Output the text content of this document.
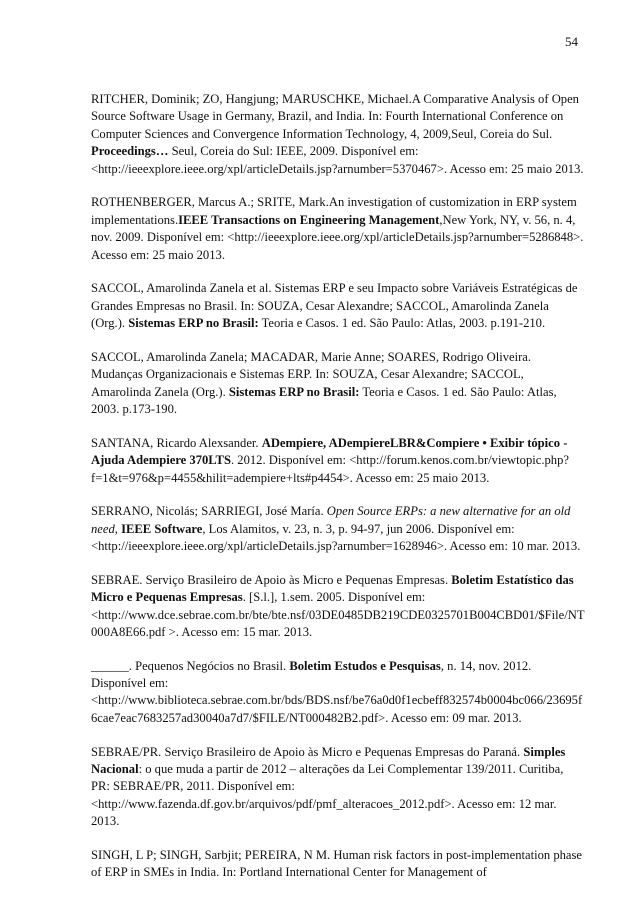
54

RITCHER, Dominik; ZO, Hangjung; MARUSCHKE, Michael.A Comparative Analysis of Open Source Software Usage in Germany, Brazil, and India. In: Fourth International Conference on Computer Sciences and Convergence Information Technology, 4, 2009,Seul, Coreia do Sul. Proceedings… Seul, Coreia do Sul: IEEE, 2009. Disponível em: <http://ieeexplore.ieee.org/xpl/articleDetails.jsp?arnumber=5370467>. Acesso em: 25 maio 2013.

ROTHENBERGER, Marcus A.; SRITE, Mark.An investigation of customization in ERP system implementations.IEEE Transactions on Engineering Management,New York, NY, v. 56, n. 4, nov. 2009. Disponível em: <http://ieeexplore.ieee.org/xpl/articleDetails.jsp?arnumber=5286848>. Acesso em: 25 maio 2013.

SACCOL, Amarolinda Zanela et al. Sistemas ERP e seu Impacto sobre Variáveis Estratégicas de Grandes Empresas no Brasil. In: SOUZA, Cesar Alexandre; SACCOL, Amarolinda Zanela (Org.). Sistemas ERP no Brasil: Teoria e Casos. 1 ed. São Paulo: Atlas, 2003. p.191-210.

SACCOL, Amarolinda Zanela; MACADAR, Marie Anne; SOARES, Rodrigo Oliveira. Mudanças Organizacionais e Sistemas ERP. In: SOUZA, Cesar Alexandre; SACCOL, Amarolinda Zanela (Org.). Sistemas ERP no Brasil: Teoria e Casos. 1 ed. São Paulo: Atlas, 2003. p.173-190.

SANTANA, Ricardo Alexsander. ADempiere, ADempiereLBR&Compiere • Exibir tópico - Ajuda Adempiere 370LTS. 2012. Disponível em: <http://forum.kenos.com.br/viewtopic.php?f=1&t=976&p=4455&hilit=adempiere+lts#p4454>. Acesso em: 25 maio 2013.

SERRANO, Nicolás; SARRIEGI, José María. Open Source ERPs: a new alternative for an old need, IEEE Software, Los Alamitos, v. 23, n. 3, p. 94-97, jun 2006. Disponível em: <http://ieeexplore.ieee.org/xpl/articleDetails.jsp?arnumber=1628946>. Acesso em: 10 mar. 2013.

SEBRAE. Serviço Brasileiro de Apoio às Micro e Pequenas Empresas. Boletim Estatístico das Micro e Pequenas Empresas. [S.l.], 1.sem. 2005. Disponível em: <http://www.dce.sebrae.com.br/bte/bte.nsf/03DE0485DB219CDE0325701B004CBD01/$File/NT000A8E66.pdf >. Acesso em: 15 mar. 2013.

______. Pequenos Negócios no Brasil. Boletim Estudos e Pesquisas, n. 14, nov. 2012. Disponível em: <http://www.biblioteca.sebrae.com.br/bds/BDS.nsf/be76a0d0f1ecbeff832574b0004bc066/23695f6cae7eac7683257ad30040a7d7/$FILE/NT000482B2.pdf>. Acesso em: 09 mar. 2013.

SEBRAE/PR. Serviço Brasileiro de Apoio às Micro e Pequenas Empresas do Paraná. Simples Nacional: o que muda a partir de 2012 – alterações da Lei Complementar 139/2011. Curitiba, PR: SEBRAE/PR, 2011. Disponível em: <http://www.fazenda.df.gov.br/arquivos/pdf/pmf_alteracoes_2012.pdf>. Acesso em: 12 mar. 2013.

SINGH, L P; SINGH, Sarbjit; PEREIRA, N M. Human risk factors in post-implementation phase of ERP in SMEs in India. In: Portland International Center for Management of
